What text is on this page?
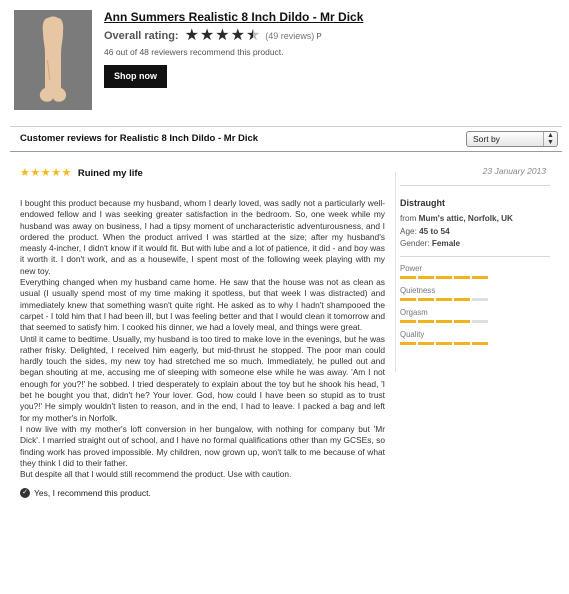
Ann Summers Realistic 8 Inch Dildo - Mr Dick
Overall rating: ★ ★ ★ ★ ★ (49 reviews) P
46 out of 48 reviewers recommend this product.
Shop now
Customer reviews for Realistic 8 Inch Dildo - Mr Dick	Sort by	▲
▼
★ ★ ★ ★ ★ Ruined my life

I bought this product because my husband, whom I dearly loved, was sadly not a particularly well-endowed fellow and I was seeking greater satisfaction in the bedroom. So, one week while my husband was away on business, I had a tipsy moment of uncharacteristic adventurousness, and I ordered the product. When the product arrived I was startled at the size; after my husband's measly 4-incher, I didn't know if it would fit. But with lube and a lot of patience, it did - and boy was it worth it. I don't work, and as a housewife, I spent most of the following week playing with my new toy.

Everything changed when my husband came home. He saw that the house was not as clean as usual (I usually spend most of my time making it spotless, but that week I was distracted) and immediately knew that something wasn't quite right. He asked as to why I hadn't shampooed the carpet - I told him that I had been ill, but I was feeling better and that I would clean it tomorrow and that seemed to satisfy him. I cooked his dinner, we had a lovely meal, and things were great.

Until it came to bedtime. Usually, my husband is too tired to make love in the evenings, but he was rather frisky. Delighted, I received him eagerly, but mid-thrust he stopped. The poor man could hardly touch the sides, my new toy had stretched me so much. Immediately, he pulled out and began shouting at me, accusing me of sleeping with someone else while he was away. 'Am I not enough for you?!' he sobbed. I tried desperately to explain about the toy but he shook his head, 'I bet he bought you that, didn't he? Your lover. God, how could I have been so stupid as to trust you?!' He simply wouldn't listen to reason, and in the end, I had to leave. I packed a bag and left for my mother's in Norfolk.

I now live with my mother's loft conversion in her bungalow, with nothing for company but 'Mr Dick'. I married straight out of school, and I have no formal qualifications other than my GCSEs, so finding work has proved impossible. My children, now grown up, won't talk to me because of what they think I did to their father.

But despite all that I would still recommend the product. Use with caution.

✓ Yes, I recommend this product.
23 January 2013
Distraught
from Mum's attic, Norfolk, UK
Age: 45 to 54
Gender: Female
Power
Quietness
Orgasm
Quality
